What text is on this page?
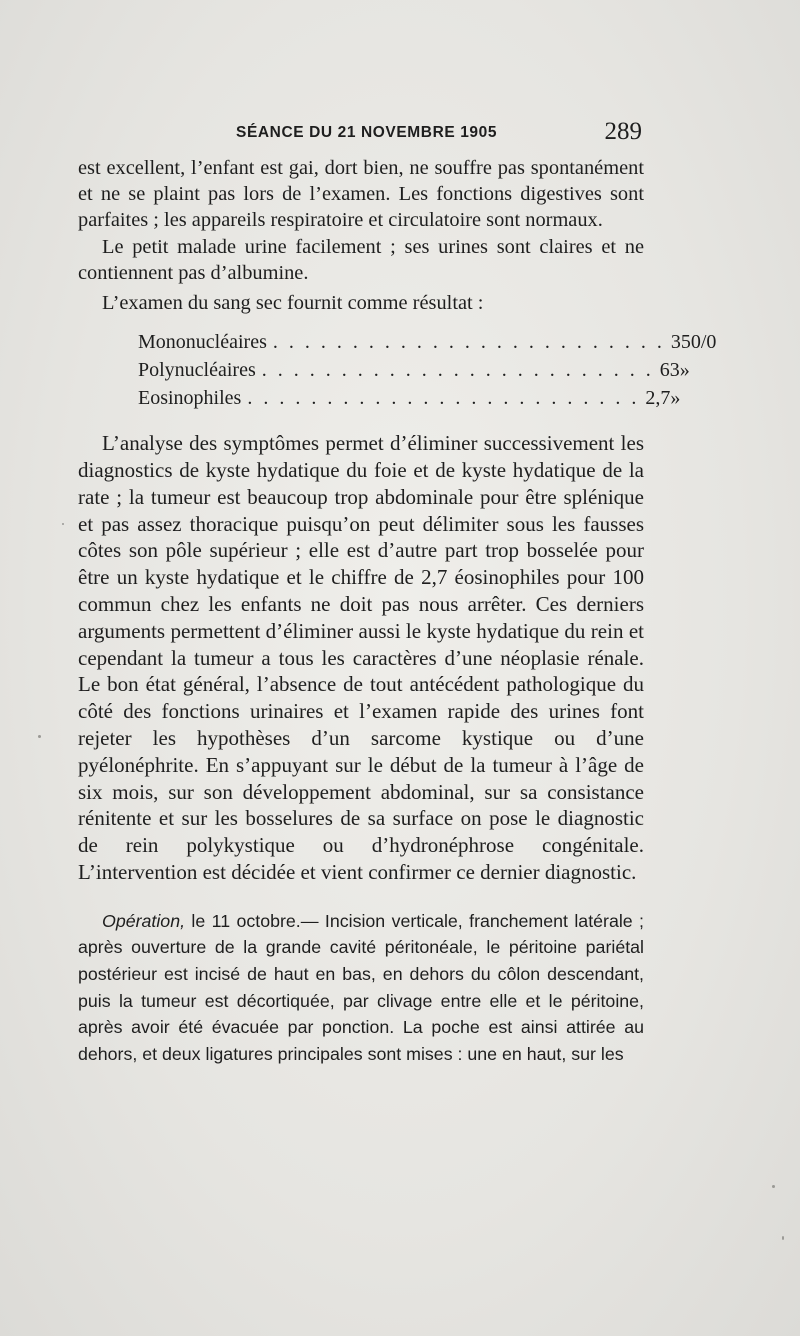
SÉANCE DU 21 NOVEMBRE 1905	289

est excellent, l’enfant est gai, dort bien, ne souffre pas spontanément et ne se plaint pas lors de l’examen. Les fonctions digestives sont parfaites ; les appareils respiratoire et circulatoire sont normaux.

Le petit malade urine facilement ; ses urines sont claires et ne contiennent pas d’albumine.

L’examen du sang sec fournit comme résultat :

Mononucléaires . . . . . . . . . . . . . . . . . . . . . . . . . 35 0/0
Polynucléaires . . . . . . . . . . . . . . . . . . . . . . . . . 63 »
Eosinophiles . . . . . . . . . . . . . . . . . . . . . . . . . 2,7 »

L’analyse des symptômes permet d’éliminer successivement les diagnostics de kyste hydatique du foie et de kyste hydatique de la rate ; la tumeur est beaucoup trop abdominale pour être splénique et pas assez thoracique puisqu’on peut délimiter sous les fausses côtes son pôle supérieur ; elle est d’autre part trop bosselée pour être un kyste hydatique et le chiffre de 2,7 éosinophiles pour 100 commun chez les enfants ne doit pas nous arrêter. Ces derniers arguments permettent d’éliminer aussi le kyste hydatique du rein et cependant la tumeur a tous les caractères d’une néoplasie rénale. Le bon état général, l’absence de tout antécédent pathologique du côté des fonctions urinaires et l’examen rapide des urines font rejeter les hypothèses d’un sarcome kystique ou d’une pyélonéphrite. En s’appuyant sur le début de la tumeur à l’âge de six mois, sur son développement abdominal, sur sa consistance rénitente et sur les bosselures de sa surface on pose le diagnostic de rein polykystique ou d’hydronéphrose congénitale. L’intervention est décidée et vient confirmer ce dernier diagnostic.

Opération, le 11 octobre.— Incision verticale, franchement latérale ; après ouverture de la grande cavité péritonéale, le péritoine pariétal postérieur est incisé de haut en bas, en dehors du côlon descendant, puis la tumeur est décortiquée, par clivage entre elle et le péritoine, après avoir été évacuée par ponction. La poche est ainsi attirée au dehors, et deux ligatures principales sont mises : une en haut, sur les
